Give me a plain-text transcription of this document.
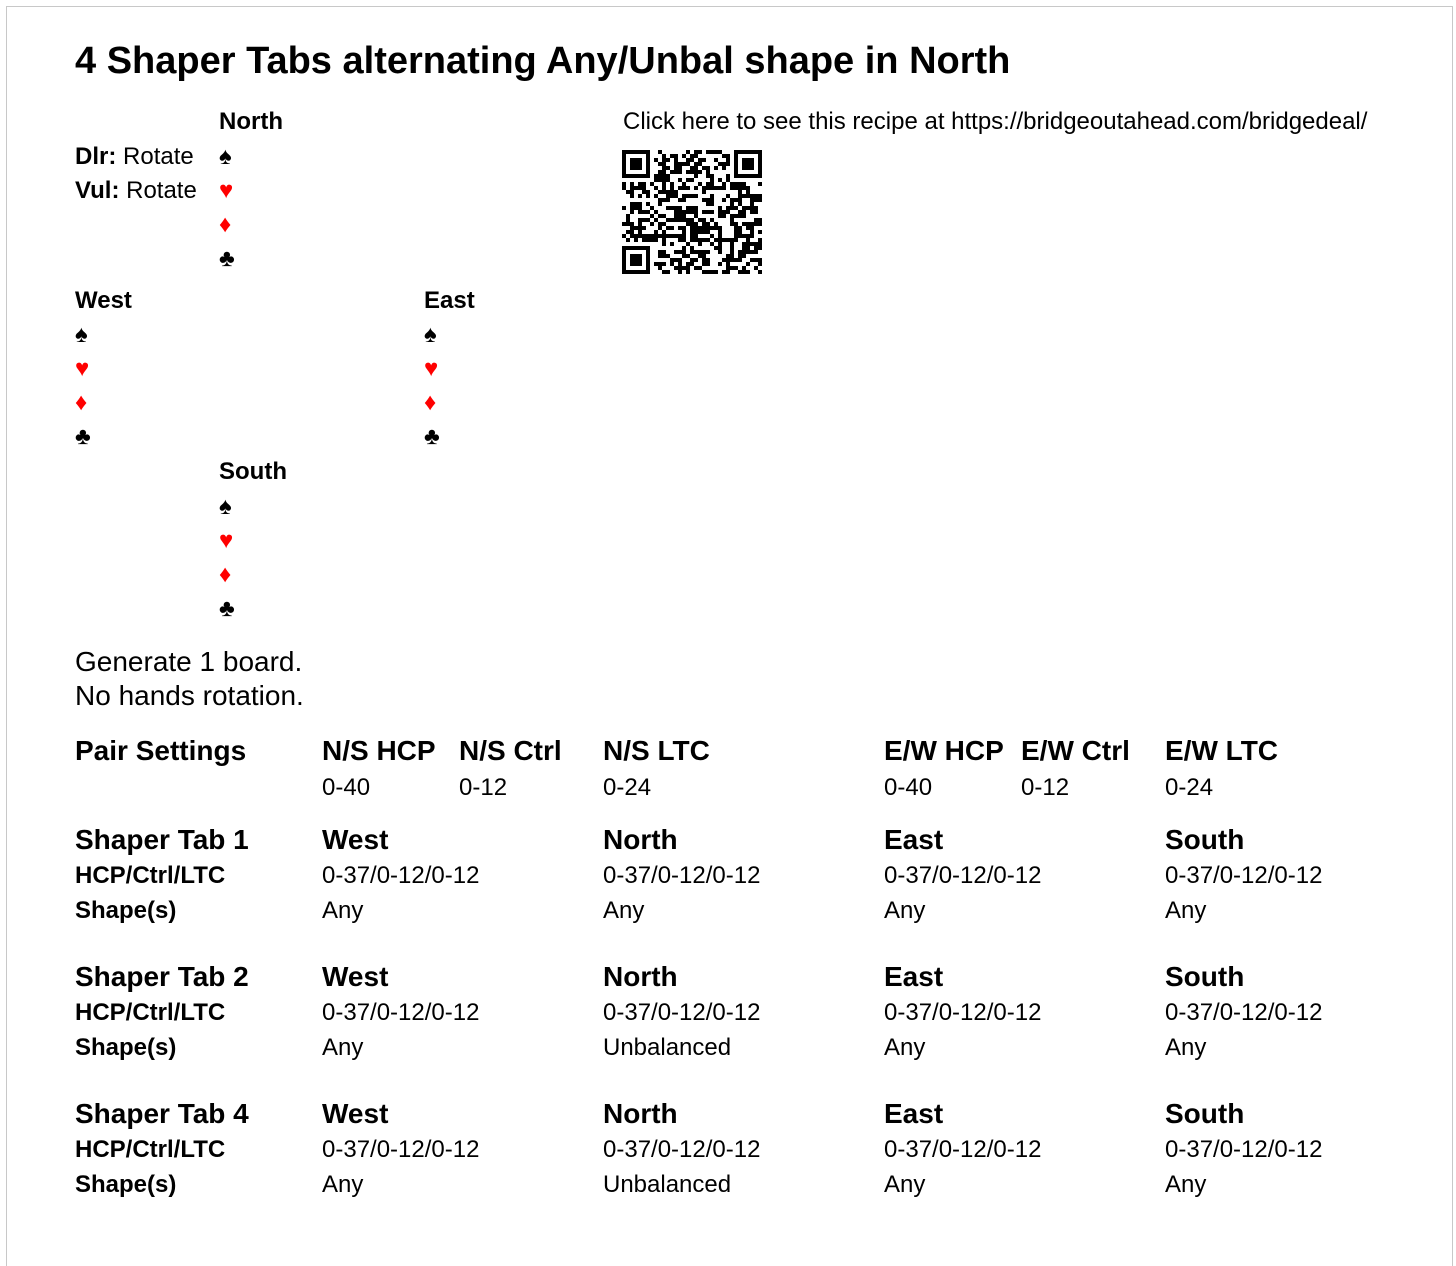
4 Shaper Tabs alternating Any/Unbal shape in North
Dlr: Rotate
Vul: Rotate
North
♠
♥
♦
♣
West
♠
♥
♦
♣
East
♠
♥
♦
♣
South
♠
♥
♦
♣
Click here to see this recipe at https://bridgeoutahead.com/bridgedeal/
Generate 1 board.
No hands rotation.
Pair Settings	N/S HCP
0-40
N/S Ctrl
0-12
N/S LTC
0-24
E/W HCP
0-40
E/W Ctrl
0-12
E/W LTC
0-24
Shaper Tab 1
HCP/Ctrl/LTC
Shape(s)
West
0-37/0-12/0-12
Any
North
0-37/0-12/0-12
Any
East
0-37/0-12/0-12
Any
South
0-37/0-12/0-12
Any
Shaper Tab 2
HCP/Ctrl/LTC
Shape(s)
West
0-37/0-12/0-12
Any
North
0-37/0-12/0-12
Unbalanced
East
0-37/0-12/0-12
Any
South
0-37/0-12/0-12
Any
Shaper Tab 4
HCP/Ctrl/LTC
Shape(s)
West
0-37/0-12/0-12
Any
North
0-37/0-12/0-12
Unbalanced
East
0-37/0-12/0-12
Any
South
0-37/0-12/0-12
Any
